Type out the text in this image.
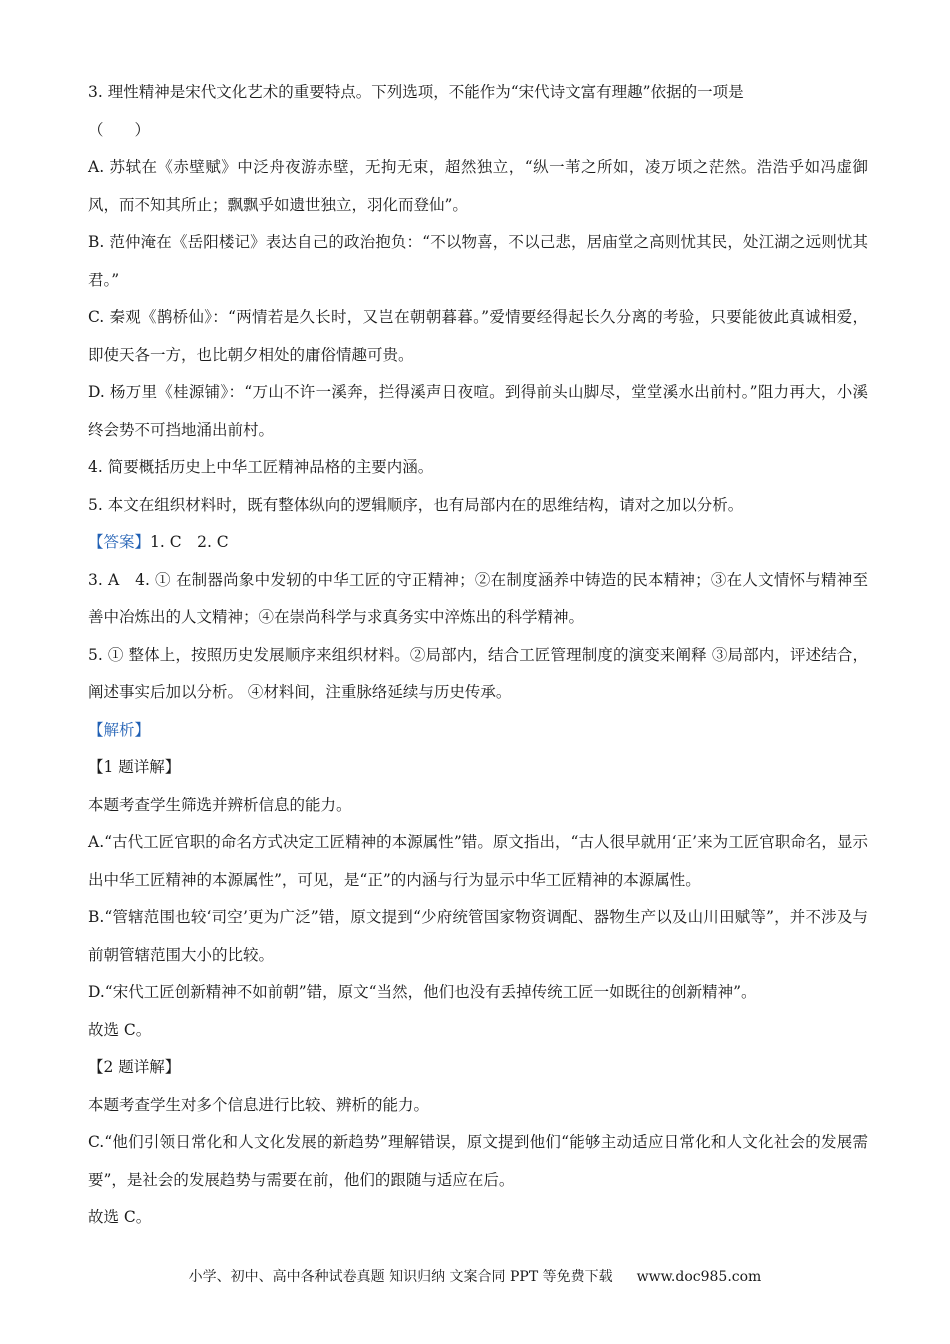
3. 理性精神是宋代文化艺术的重要特点。下列选项，不能作为“宋代诗文富有理趣”依据的一项是

（　　）

A. 苏轼在《赤壁赋》中泛舟夜游赤壁，无拘无束，超然独立，“纵一苇之所如，凌万顷之茫然。浩浩乎如冯虚御风，而不知其所止；飘飘乎如遗世独立，羽化而登仙”。

B. 范仲淹在《岳阳楼记》表达自己的政治抱负：“不以物喜，不以己悲，居庙堂之高则忧其民，处江湖之远则忧其君。”

C. 秦观《鹊桥仙》：“两情若是久长时，又岂在朝朝暮暮。”爱情要经得起长久分离的考验，只要能彼此真诚相爱，即使天各一方，也比朝夕相处的庸俗情趣可贵。

D. 杨万里《桂源铺》：“万山不许一溪奔，拦得溪声日夜喧。到得前头山脚尽，堂堂溪水出前村。”阻力再大，小溪终会势不可挡地涌出前村。

4. 简要概括历史上中华工匠精神品格的主要内涵。

5. 本文在组织材料时，既有整体纵向的逻辑顺序，也有局部内在的思维结构，请对之加以分析。

【答案】1. C　2. C

3. A　4. ① 在制器尚象中发轫的中华工匠的守正精神；②在制度涵养中铸造的民本精神；③在人文情怀与精神至善中冶炼出的人文精神；④在崇尚科学与求真务实中淬炼出的科学精神。

5. ① 整体上，按照历史发展顺序来组织材料。②局部内，结合工匠管理制度的演变来阐释 ③局部内，评述结合，阐述事实后加以分析。 ④材料间，注重脉络延续与历史传承。

【解析】

【1 题详解】

本题考查学生筛选并辨析信息的能力。

A.“古代工匠官职的命名方式决定工匠精神的本源属性”错。原文指出，“古人很早就用‘正’来为工匠官职命名，显示出中华工匠精神的本源属性”，可见，是“正”的内涵与行为显示中华工匠精神的本源属性。

B.“管辖范围也较‘司空’更为广泛”错，原文提到“少府统管国家物资调配、器物生产以及山川田赋等”，并不涉及与前朝管辖范围大小的比较。

D.“宋代工匠创新精神不如前朝”错，原文“当然，他们也没有丢掉传统工匠一如既往的创新精神”。

故选 C。

【2 题详解】

本题考查学生对多个信息进行比较、辨析的能力。

C.“他们引领日常化和人文化发展的新趋势”理解错误，原文提到他们“能够主动适应日常化和人文化社会的发展需要”，是社会的发展趋势与需要在前，他们的跟随与适应在后。

故选 C。

小学、初中、高中各种试卷真题 知识归纳 文案合同 PPT 等免费下载 www.doc985.com
